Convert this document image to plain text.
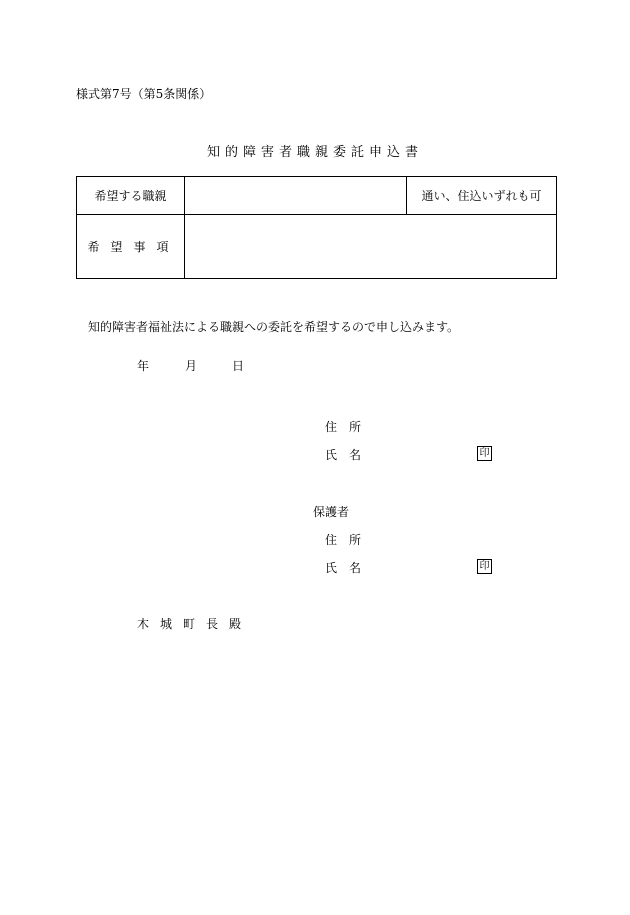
様式第7号（第5条関係）
知的障害者職親委託申込書
希望する職親		通い、住込いずれも可
希望事項		
知的障害者福祉法による職親への委託を希望するので申し込みます。
年	月	日
住　所
氏　名	印
保護者
住　所
氏　名	印
木城町長殿
